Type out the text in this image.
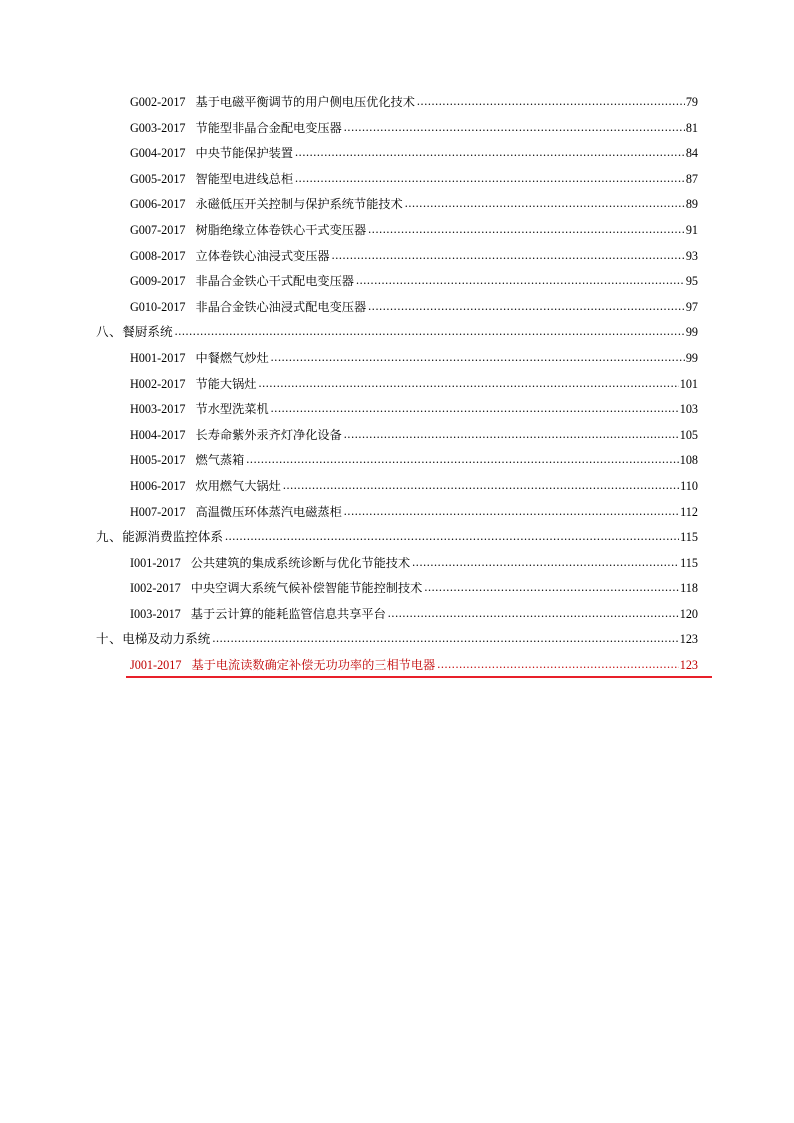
G002-2017 基于电磁平衡调节的用户侧电压优化技术 .....	79
G003-2017 节能型非晶合金配电变压器 .....	81
G004-2017 中央节能保护装置 .....	84
G005-2017 智能型电进线总柜 .....	87
G006-2017 永磁低压开关控制与保护系统节能技术 .....	89
G007-2017 树脂绝缘立体卷铁心干式变压器 .....	91
G008-2017 立体卷铁心油浸式变压器 .....	93
G009-2017 非晶合金铁心干式配电变压器 .....	95
G010-2017 非晶合金铁心油浸式配电变压器 .....	97
八、 餐厨系统 .....	99
H001-2017 中餐燃气炒灶 .....	99
H002-2017 节能大锅灶 .....	101
H003-2017 节水型洗菜机 .....	103
H004-2017 长寿命紫外汞齐灯净化设备 .....	105
H005-2017 燃气蒸箱 .....	108
H006-2017 炊用燃气大锅灶 .....	110
H007-2017 高温微压环体蒸汽电磁蒸柜 .....	112
九、 能源消费监控体系 .....	115
I001-2017 公共建筑的集成系统诊断与优化节能技术 .....	115
I002-2017 中央空调大系统气候补偿智能节能控制技术 .....	118
I003-2017 基于云计算的能耗监管信息共享平台 .....	120
十、 电梯及动力系统 .....	123
J001-2017 基于电流读数确定补偿无功功率的三相节电器 .....	123
